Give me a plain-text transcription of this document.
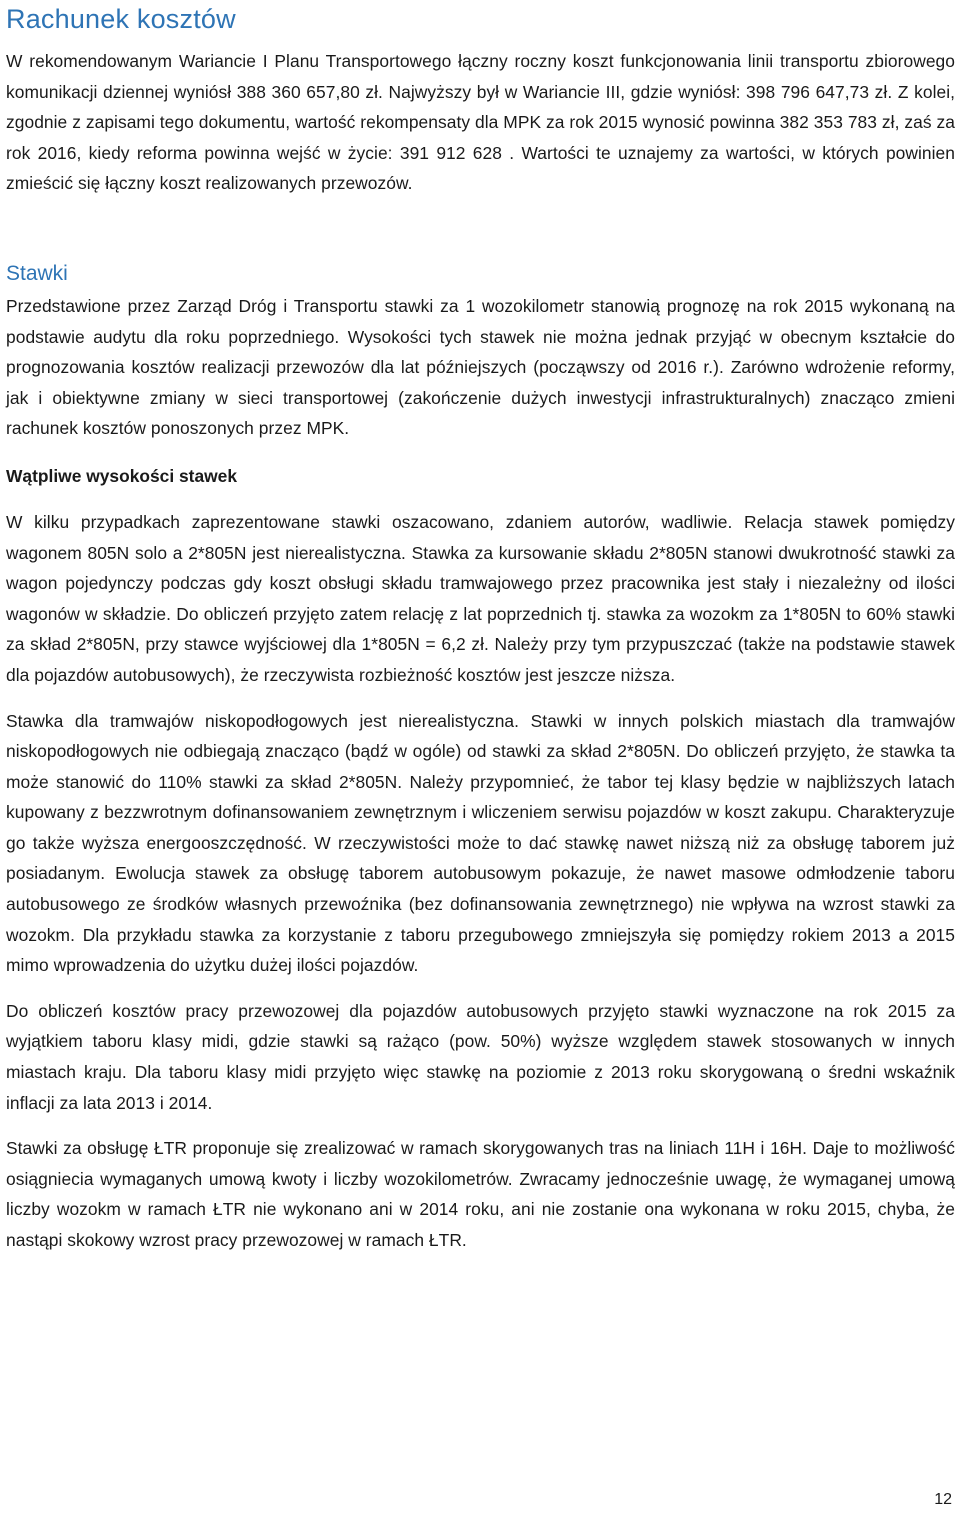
Rachunek kosztów

W rekomendowanym Wariancie I Planu Transportowego łączny roczny koszt funkcjonowania linii transportu zbiorowego komunikacji dziennej wyniósł 388 360 657,80 zł. Najwyższy był w Wariancie III, gdzie wyniósł: 398 796 647,73 zł. Z kolei, zgodnie z zapisami tego dokumentu, wartość rekompensaty dla MPK za rok 2015 wynosić powinna 382 353 783 zł, zaś za rok 2016, kiedy reforma powinna wejść w życie: 391 912 628 . Wartości te uznajemy za wartości, w których powinien zmieścić się łączny koszt realizowanych przewozów.

Stawki

Przedstawione przez Zarząd Dróg i Transportu stawki za 1 wozokilometr stanowią prognozę na rok 2015 wykonaną na podstawie audytu dla roku poprzedniego. Wysokości tych stawek nie można jednak przyjąć w obecnym kształcie do prognozowania kosztów realizacji przewozów dla lat późniejszych (począwszy od 2016 r.). Zarówno wdrożenie reformy, jak i obiektywne zmiany w sieci transportowej (zakończenie dużych inwestycji infrastrukturalnych) znacząco zmieni rachunek kosztów ponoszonych przez MPK.

Wątpliwe wysokości stawek

W kilku przypadkach zaprezentowane stawki oszacowano, zdaniem autorów, wadliwie. Relacja stawek pomiędzy wagonem 805N solo a 2*805N jest nierealistyczna. Stawka za kursowanie składu 2*805N stanowi dwukrotność stawki za wagon pojedynczy podczas gdy koszt obsługi składu tramwajowego przez pracownika jest stały i niezależny od ilości wagonów w składzie. Do obliczeń przyjęto zatem relację z lat poprzednich tj. stawka za wozokm za 1*805N to 60% stawki za skład 2*805N, przy stawce wyjściowej dla 1*805N = 6,2 zł. Należy przy tym przypuszczać (także na podstawie stawek dla pojazdów autobusowych), że rzeczywista rozbieżność kosztów jest jeszcze niższa.

Stawka dla tramwajów niskopodłogowych jest nierealistyczna. Stawki w innych polskich miastach dla tramwajów niskopodłogowych nie odbiegają znacząco (bądź w ogóle) od stawki za skład 2*805N. Do obliczeń przyjęto, że stawka ta może stanowić do 110% stawki za skład 2*805N. Należy przypomnieć, że tabor tej klasy będzie w najbliższych latach kupowany z bezzwrotnym dofinansowaniem zewnętrznym i wliczeniem serwisu pojazdów w koszt zakupu. Charakteryzuje go także wyższa energooszczędność. W rzeczywistości może to dać stawkę nawet niższą niż za obsługę taborem już posiadanym. Ewolucja stawek za obsługę taborem autobusowym pokazuje, że nawet masowe odmłodzenie taboru autobusowego ze środków własnych przewoźnika (bez dofinansowania zewnętrznego) nie wpływa na wzrost stawki za wozokm. Dla przykładu stawka za korzystanie z taboru przegubowego zmniejszyła się pomiędzy rokiem 2013 a 2015 mimo wprowadzenia do użytku dużej ilości pojazdów.

Do obliczeń kosztów pracy przewozowej dla pojazdów autobusowych przyjęto stawki wyznaczone na rok 2015 za wyjątkiem taboru klasy midi, gdzie stawki są rażąco (pow. 50%) wyższe względem stawek stosowanych w innych miastach kraju. Dla taboru klasy midi przyjęto więc stawkę na poziomie z 2013 roku skorygowaną o średni wskaźnik inflacji za lata 2013 i 2014.

Stawki za obsługę ŁTR proponuje się zrealizować w ramach skorygowanych tras na liniach 11H i 16H. Daje to możliwość osiągniecia wymaganych umową kwoty i liczby wozokilometrów. Zwracamy jednocześnie uwagę, że wymaganej umową liczby wozokm w ramach ŁTR nie wykonano ani w 2014 roku, ani nie zostanie ona wykonana w roku 2015, chyba, że nastąpi skokowy wzrost pracy przewozowej w ramach ŁTR.

12
